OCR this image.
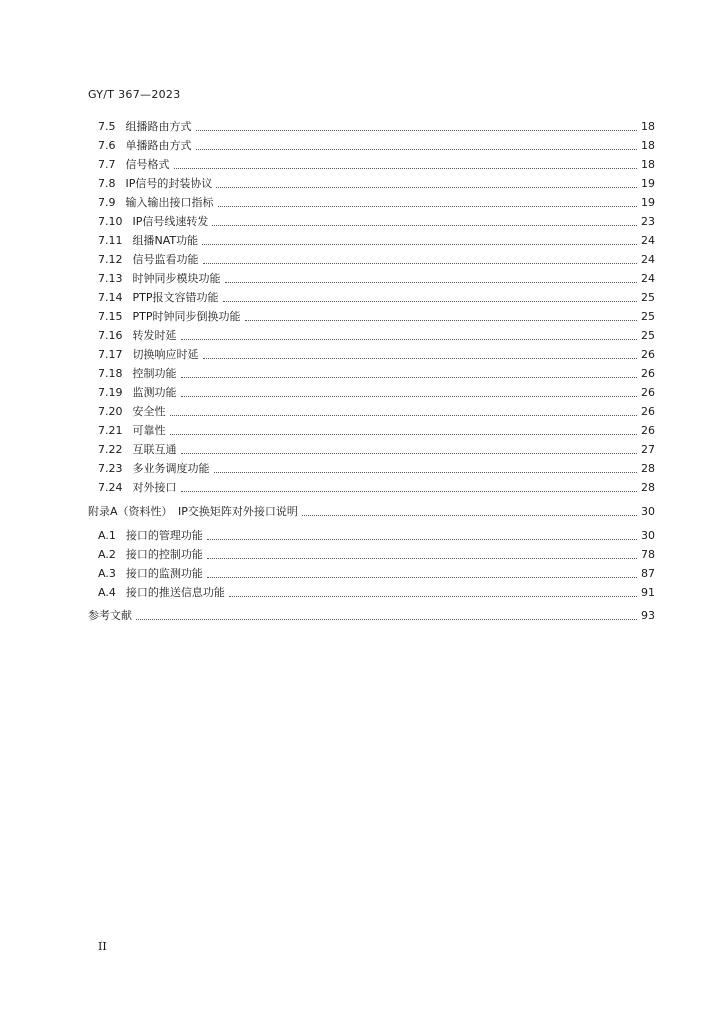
GY/T 367—2023
7.5 组播路由方式	18
7.6 单播路由方式	18
7.7 信号格式	18
7.8 IP信号的封装协议	19
7.9 输入输出接口指标	19
7.10 IP信号线速转发	23
7.11 组播NAT功能	24
7.12 信号监看功能	24
7.13 时钟同步模块功能	24
7.14 PTP报文容错功能	25
7.15 PTP时钟同步倒换功能	25
7.16 转发时延	25
7.17 切换响应时延	26
7.18 控制功能	26
7.19 监测功能	26
7.20 安全性	26
7.21 可靠性	26
7.22 互联互通	27
7.23 多业务调度功能	28
7.24 对外接口	28
附录A（资料性）　IP交换矩阵对外接口说明	30
A.1 接口的管理功能	30
A.2 接口的控制功能	78
A.3 接口的监测功能	87
A.4 接口的推送信息功能	91
参考文献	93
II
